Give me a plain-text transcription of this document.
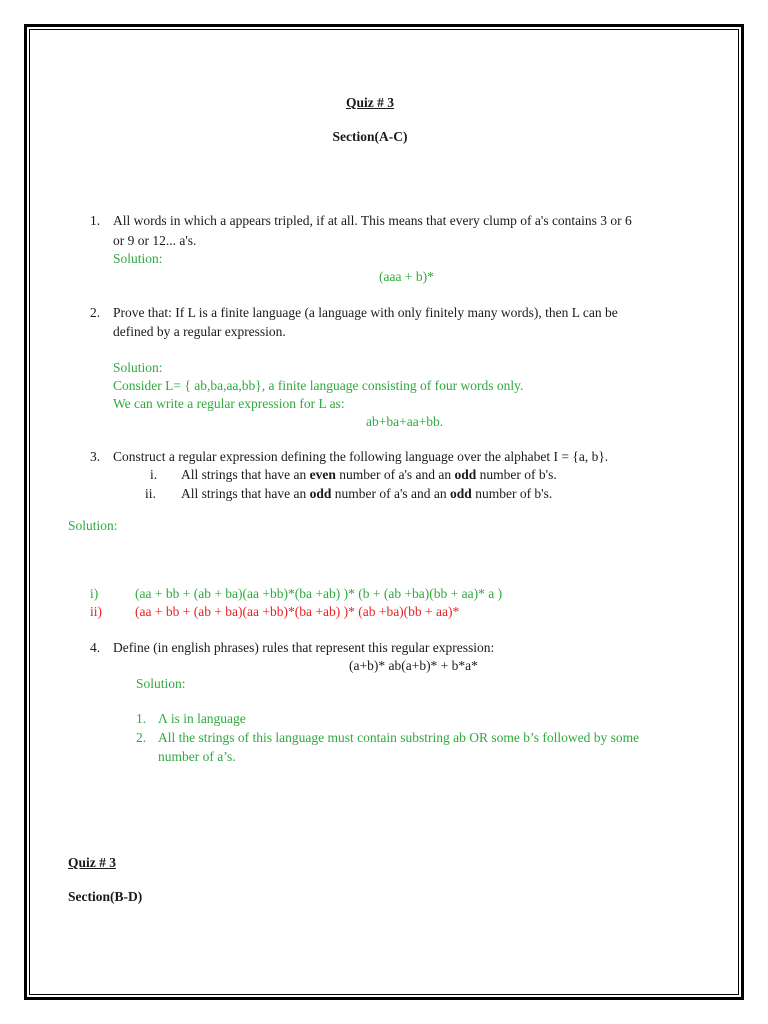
Quiz # 3
Section(A-C)
1. All words in which a appears tripled, if at all. This means that every clump of a's contains 3 or 6
or 9 or 12... a's.
Solution:
(aaa + b)*
2. Prove that: If L is a finite language (a language with only finitely many words), then L can be
defined by a regular expression.
Solution:
Consider L= { ab,ba,aa,bb}, a finite language consisting of four words only.
We can write a regular expression for L as:
ab+ba+aa+bb.
3. Construct a regular expression defining the following language over the alphabet I = {a, b}.
i. All strings that have an even number of a's and an odd number of b's.
ii. All strings that have an odd number of a's and an odd number of b's.
Solution:
i)	(aa + bb + (ab + ba)(aa +bb)*(ba +ab) )* (b + (ab +ba)(bb + aa)* a )
ii) (aa + bb + (ab + ba)(aa +bb)*(ba +ab) )* (ab +ba)(bb + aa)*
4. Define (in english phrases) rules that represent this regular expression:
(a+b)* ab(a+b)* + b*a*
Solution:
1. Λ is in language
2. All the strings of this language must contain substring ab OR some b’s followed by some
number of a’s.
Quiz # 3
Section(B-D)
